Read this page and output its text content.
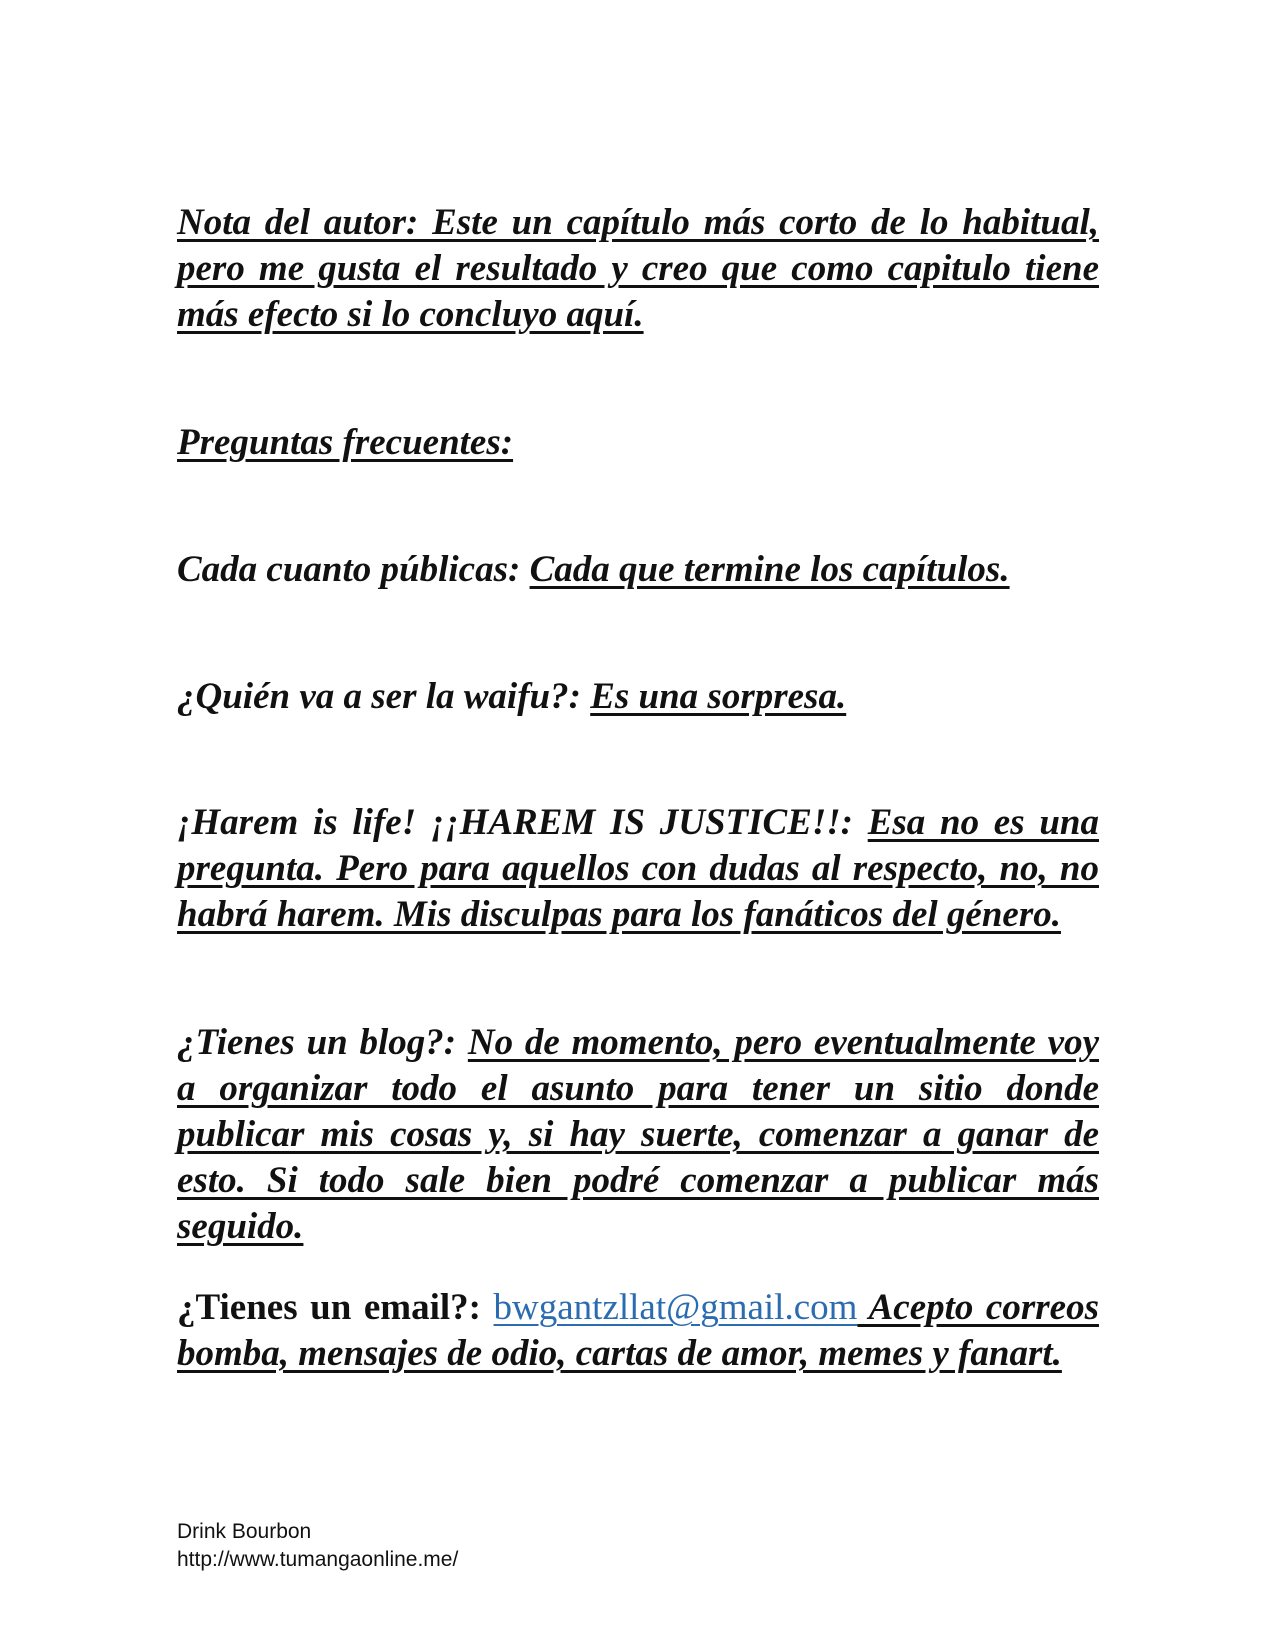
Nota del autor: Este un capítulo más corto de lo habitual, pero me gusta el resultado y creo que como capitulo tiene más efecto si lo concluyo aquí.

Preguntas frecuentes:

Cada cuanto públicas: Cada que termine los capítulos.

¿Quién va a ser la waifu?: Es una sorpresa.

¡Harem is life! ¡¡HAREM IS JUSTICE!!: Esa no es una pregunta. Pero para aquellos con dudas al respecto, no, no habrá harem. Mis disculpas para los fanáticos del género.

¿Tienes un blog?: No de momento, pero eventualmente voy a organizar todo el asunto para tener un sitio donde publicar mis cosas y, si hay suerte, comenzar a ganar de esto. Si todo sale bien podré comenzar a publicar más seguido.

¿Tienes un email?: bwgantzllat@gmail.com Acepto correos bomba, mensajes de odio, cartas de amor, memes y fanart.

Drink Bourbon
http://www.tumangaonline.me/
